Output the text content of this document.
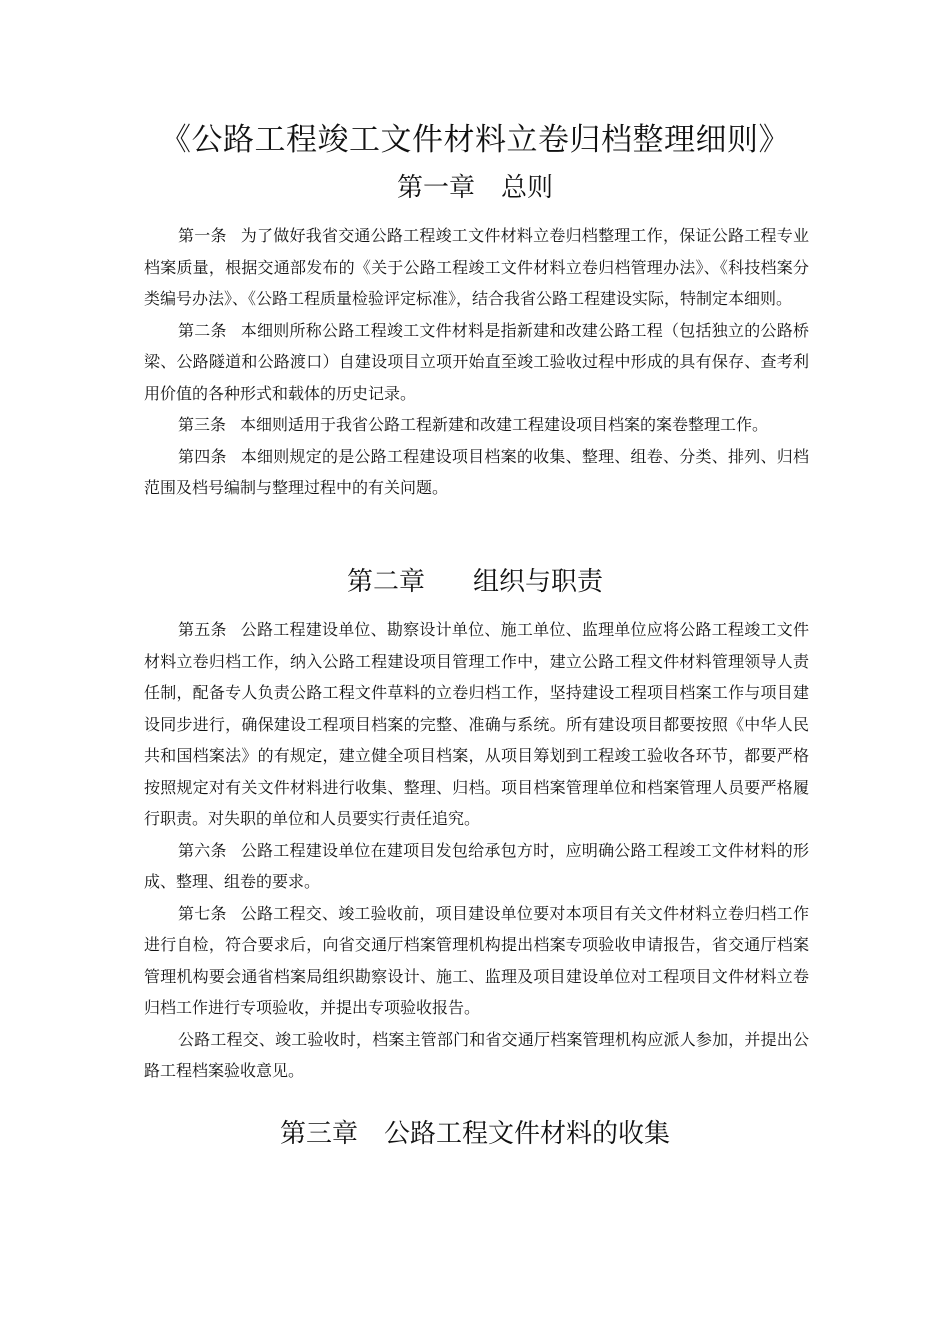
《公路工程竣工文件材料立卷归档整理细则》
第一章 总则

第一条 为了做好我省交通公路工程竣工文件材料立卷归档整理工作，保证公路工程专业档案质量，根据交通部发布的《关于公路工程竣工文件材料立卷归档管理办法》、《科技档案分类编号办法》、《公路工程质量检验评定标准》，结合我省公路工程建设实际，特制定本细则。

第二条 本细则所称公路工程竣工文件材料是指新建和改建公路工程（包括独立的公路桥梁、公路隧道和公路渡口）自建设项目立项开始直至竣工验收过程中形成的具有保存、查考利用价值的各种形式和载体的历史记录。

第三条 本细则适用于我省公路工程新建和改建工程建设项目档案的案卷整理工作。

第四条 本细则规定的是公路工程建设项目档案的收集、整理、组卷、分类、排列、归档范围及档号编制与整理过程中的有关问题。

第二章 组织与职责

第五条 公路工程建设单位、勘察设计单位、施工单位、监理单位应将公路工程竣工文件材料立卷归档工作，纳入公路工程建设项目管理工作中，建立公路工程文件材料管理领导人责任制，配备专人负责公路工程文件草料的立卷归档工作，坚持建设工程项目档案工作与项目建设同步进行，确保建设工程项目档案的完整、准确与系统。所有建设项目都要按照《中华人民共和国档案法》的有规定，建立健全项目档案，从项目筹划到工程竣工验收各环节，都要严格按照规定对有关文件材料进行收集、整理、归档。项目档案管理单位和档案管理人员要严格履行职责。对失职的单位和人员要实行责任追究。

第六条 公路工程建设单位在建项目发包给承包方时，应明确公路工程竣工文件材料的形成、整理、组卷的要求。

第七条 公路工程交、竣工验收前，项目建设单位要对本项目有关文件材料立卷归档工作进行自检，符合要求后，向省交通厅档案管理机构提出档案专项验收申请报告，省交通厅档案管理机构要会通省档案局组织勘察设计、施工、监理及项目建设单位对工程项目文件材料立卷归档工作进行专项验收，并提出专项验收报告。

公路工程交、竣工验收时，档案主管部门和省交通厅档案管理机构应派人参加，并提出公路工程档案验收意见。

第三章 公路工程文件材料的收集
